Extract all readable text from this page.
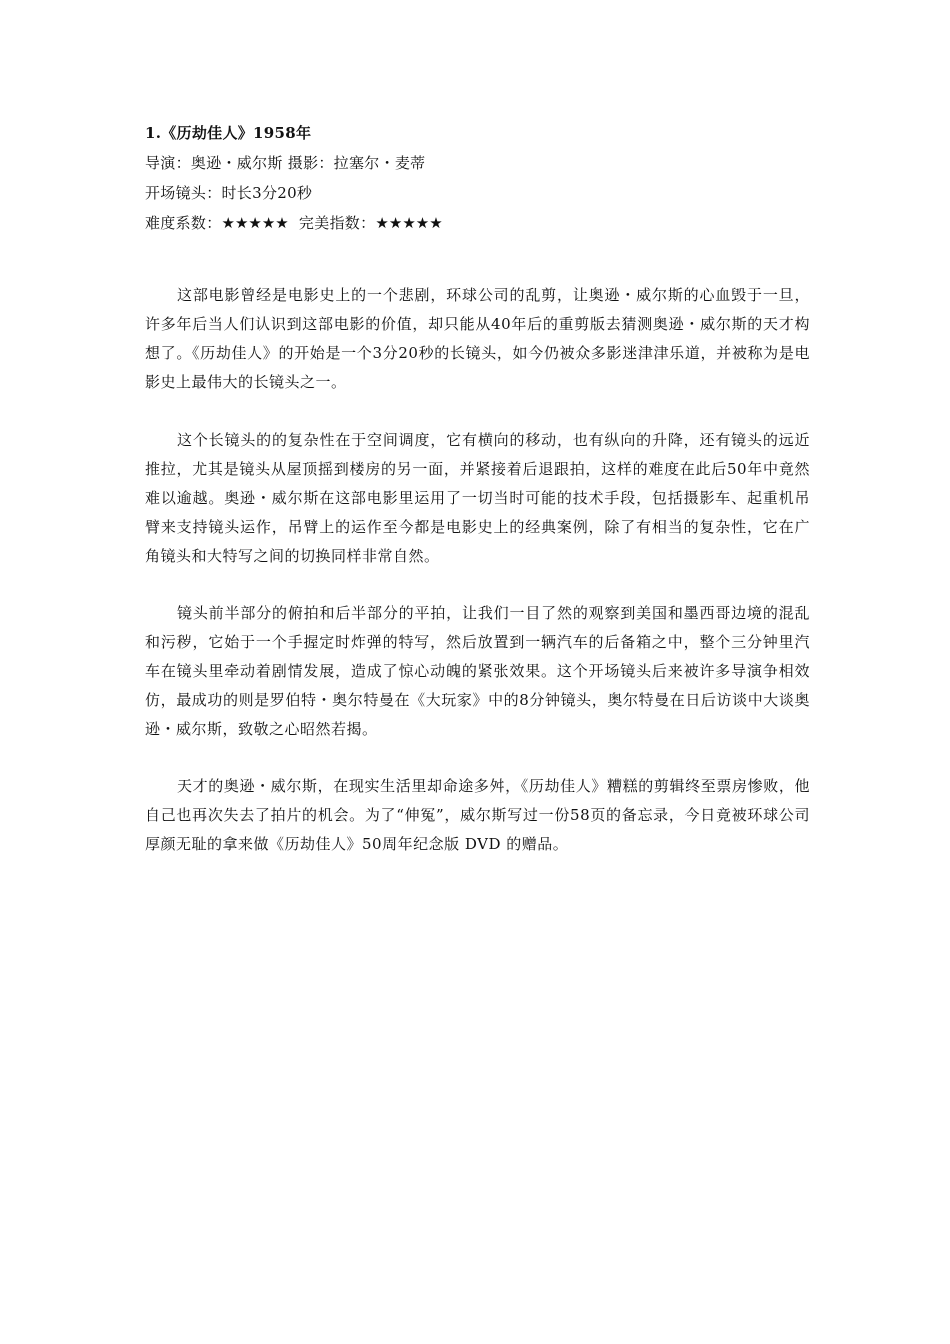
1.《历劫佳人》1958年
导演：奥逊・威尔斯 摄影：拉塞尔・麦蒂
开场镜头：时长3分20秒
难度系数：★★★★★ 完美指数：★★★★★

这部电影曾经是电影史上的一个悲剧，环球公司的乱剪，让奥逊・威尔斯的心血毁于一旦，许多年后当人们认识到这部电影的价值，却只能从40年后的重剪版去猜测奥逊・威尔斯的天才构想了。《历劫佳人》的开始是一个3分20秒的长镜头，如今仍被众多影迷津津乐道，并被称为是电影史上最伟大的长镜头之一。

这个长镜头的的复杂性在于空间调度，它有横向的移动，也有纵向的升降，还有镜头的远近推拉，尤其是镜头从屋顶摇到楼房的另一面，并紧接着后退跟拍，这样的难度在此后50年中竟然难以逾越。奥逊・威尔斯在这部电影里运用了一切当时可能的技术手段，包括摄影车、起重机吊臂来支持镜头运作，吊臂上的运作至今都是电影史上的经典案例，除了有相当的复杂性，它在广角镜头和大特写之间的切换同样非常自然。

镜头前半部分的俯拍和后半部分的平拍，让我们一目了然的观察到美国和墨西哥边境的混乱和污秽，它始于一个手握定时炸弹的特写，然后放置到一辆汽车的后备箱之中，整个三分钟里汽车在镜头里牵动着剧情发展，造成了惊心动魄的紧张效果。这个开场镜头后来被许多导演争相效仿，最成功的则是罗伯特・奥尔特曼在《大玩家》中的8分钟镜头，奥尔特曼在日后访谈中大谈奥逊・威尔斯，致敬之心昭然若揭。

天才的奥逊・威尔斯，在现实生活里却命途多舛，《历劫佳人》糟糕的剪辑终至票房惨败，他自己也再次失去了拍片的机会。为了“伸冤”，威尔斯写过一份58页的备忘录，今日竟被环球公司厚颜无耻的拿来做《历劫佳人》50周年纪念版 DVD 的赠品。
